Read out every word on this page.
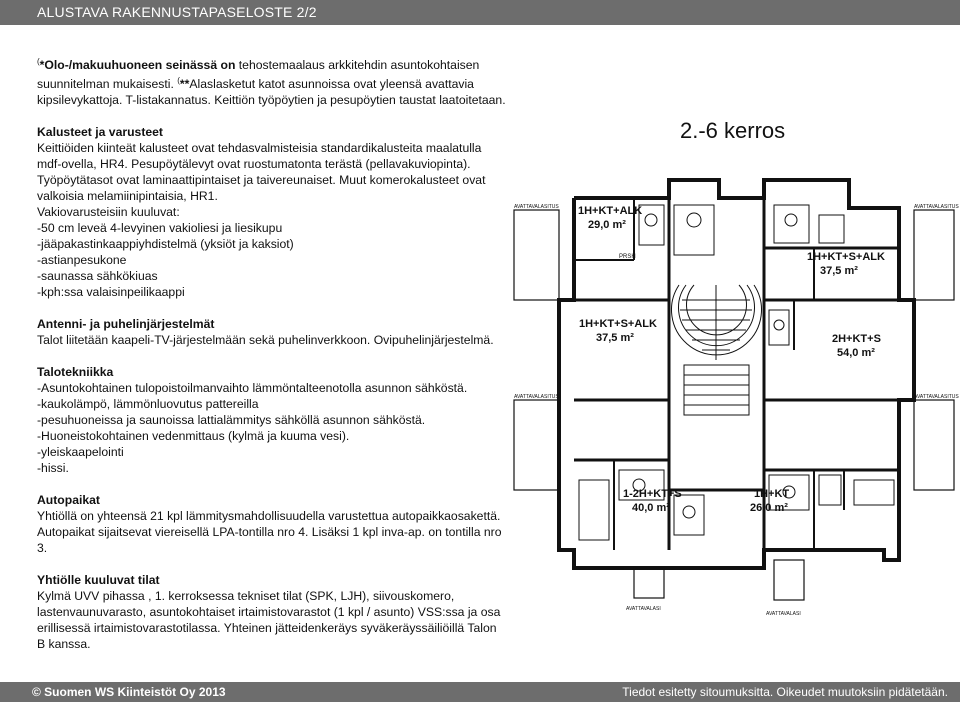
ALUSTAVA RAKENNUSTAPASELOSTE 2/2

(*Olo-/makuuhuoneen seinässä on tehostemaalaus arkkitehdin asuntokohtaisen suunnitelman mukaisesti. (**Alaslasketut katot asunnoissa ovat yleensä avattavia kipsilevykattoja. T-listakannatus. Keittiön työpöytien ja pesupöytien taustat laatoitetaan.

Kalusteet ja varusteet
Keittiöiden kiinteät kalusteet ovat tehdasvalmisteisia standardikalusteita maalatulla mdf-ovella, HR4. Pesupöytälevyt ovat ruostumatonta terästä (pellavakuviopinta). Työpöytätasot ovat laminaattipintaiset ja taivereunaiset. Muut komerokalusteet ovat valkoisia melamiinipintaisia, HR1.
Vakiovarusteisiin kuuluvat:
-50 cm leveä 4-levyinen vakioliesi ja liesikupu
-jääpakastinkaappiyhdistelmä (yksiöt ja kaksiot)
-astianpesukone
-saunassa sähkökiuas
-kph:ssa valaisinpeilikaappi

Antenni- ja puhelinjärjestelmät
Talot liitetään kaapeli-TV-järjestelmään sekä puhelinverkkoon. Ovipuhelinjärjestelmä.

Talotekniikka
-Asuntokohtainen tulopoistoilmanvaihto lämmöntalteenotolla asunnon sähköstä.
-kaukolämpö, lämmönluovutus pattereilla
-pesuhuoneissa ja saunoissa lattialämmitys sähköllä asunnon sähköstä.
-Huoneistokohtainen vedenmittaus (kylmä ja kuuma vesi).
-yleiskaapelointi
-hissi.

Autopaikat
Yhtiöllä on yhteensä 21 kpl lämmitysmahdollisuudella varustettua autopaikkaosakettä. Autopaikat sijaitsevat viereisellä LPA-tontilla nro 4. Lisäksi 1 kpl inva-ap. on tontilla nro 3.

Yhtiölle kuuluvat tilat
Kylmä UVV pihassa , 1. kerroksessa tekniset tilat (SPK, LJH), siivouskomero, lastenvaunuvarasto, asuntokohtaiset irtaimistovarastot (1 kpl / asunto) VSS:ssa ja osa erillisessä irtaimistovarastotilassa. Yhteinen jätteidenkeräys syväkeräyssäiliöillä Talon B kanssa.

2.-6 kerros
PRSH
AVATTAVALASITUS	AVATTAVALASITUS
AVATTAVALASITUS	AVATTAVALASITUS
AVATTAVALASI
AVATTAVALASI
1H+KT+ALK
29,0 m²
1H+KT+S+ALK
37,5 m²
1H+KT+S+ALK
37,5 m²	2H+KT+S
54,0 m²
1-2H+KT+S
40,0 m²
1H+KT
26,0 m²
© Suomen WS Kiinteistöt Oy 2013	Tiedot esitetty sitoumuksitta. Oikeudet muutoksiin pidätetään.
